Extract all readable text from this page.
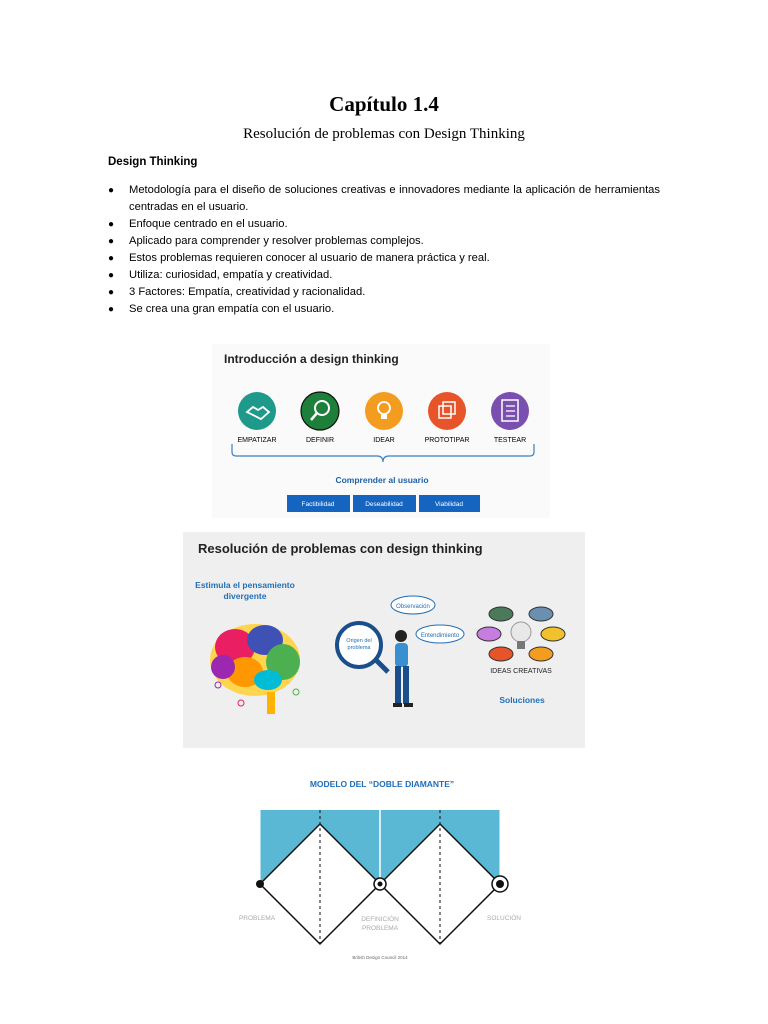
Capítulo 1.4
Resolución de problemas con Design Thinking
Design Thinking
● Metodología para el diseño de soluciones creativas e innovadores mediante la aplicación de herramientas centradas en el usuario.
● Enfoque centrado en el usuario.
● Aplicado para comprender y resolver problemas complejos.
● Estos problemas requieren conocer al usuario de manera práctica y real.
● Utiliza: curiosidad, empatía y creatividad.
● 3 Factores: Empatía, creatividad y racionalidad.
● Se crea una gran empatía con el usuario.
Introducción a design thinking
EMPATIZAR	DEFINIR	IDEAR	PROTOTIPAR	TESTEAR
Comprender al usuario
Factibilidad	Deseabilidad	Viabilidad
Resolución de problemas con design thinking
Estimula el pensamiento
divergente
Observación
Entendimiento
Origen del
problema
IDEAS CREATIVAS
Soluciones
MODELO DEL “DOBLE DIAMANTE”
PROBLEMA	DEFINICIÓN
PROBLEMA
SOLUCIÓN
British Design Council 2014
